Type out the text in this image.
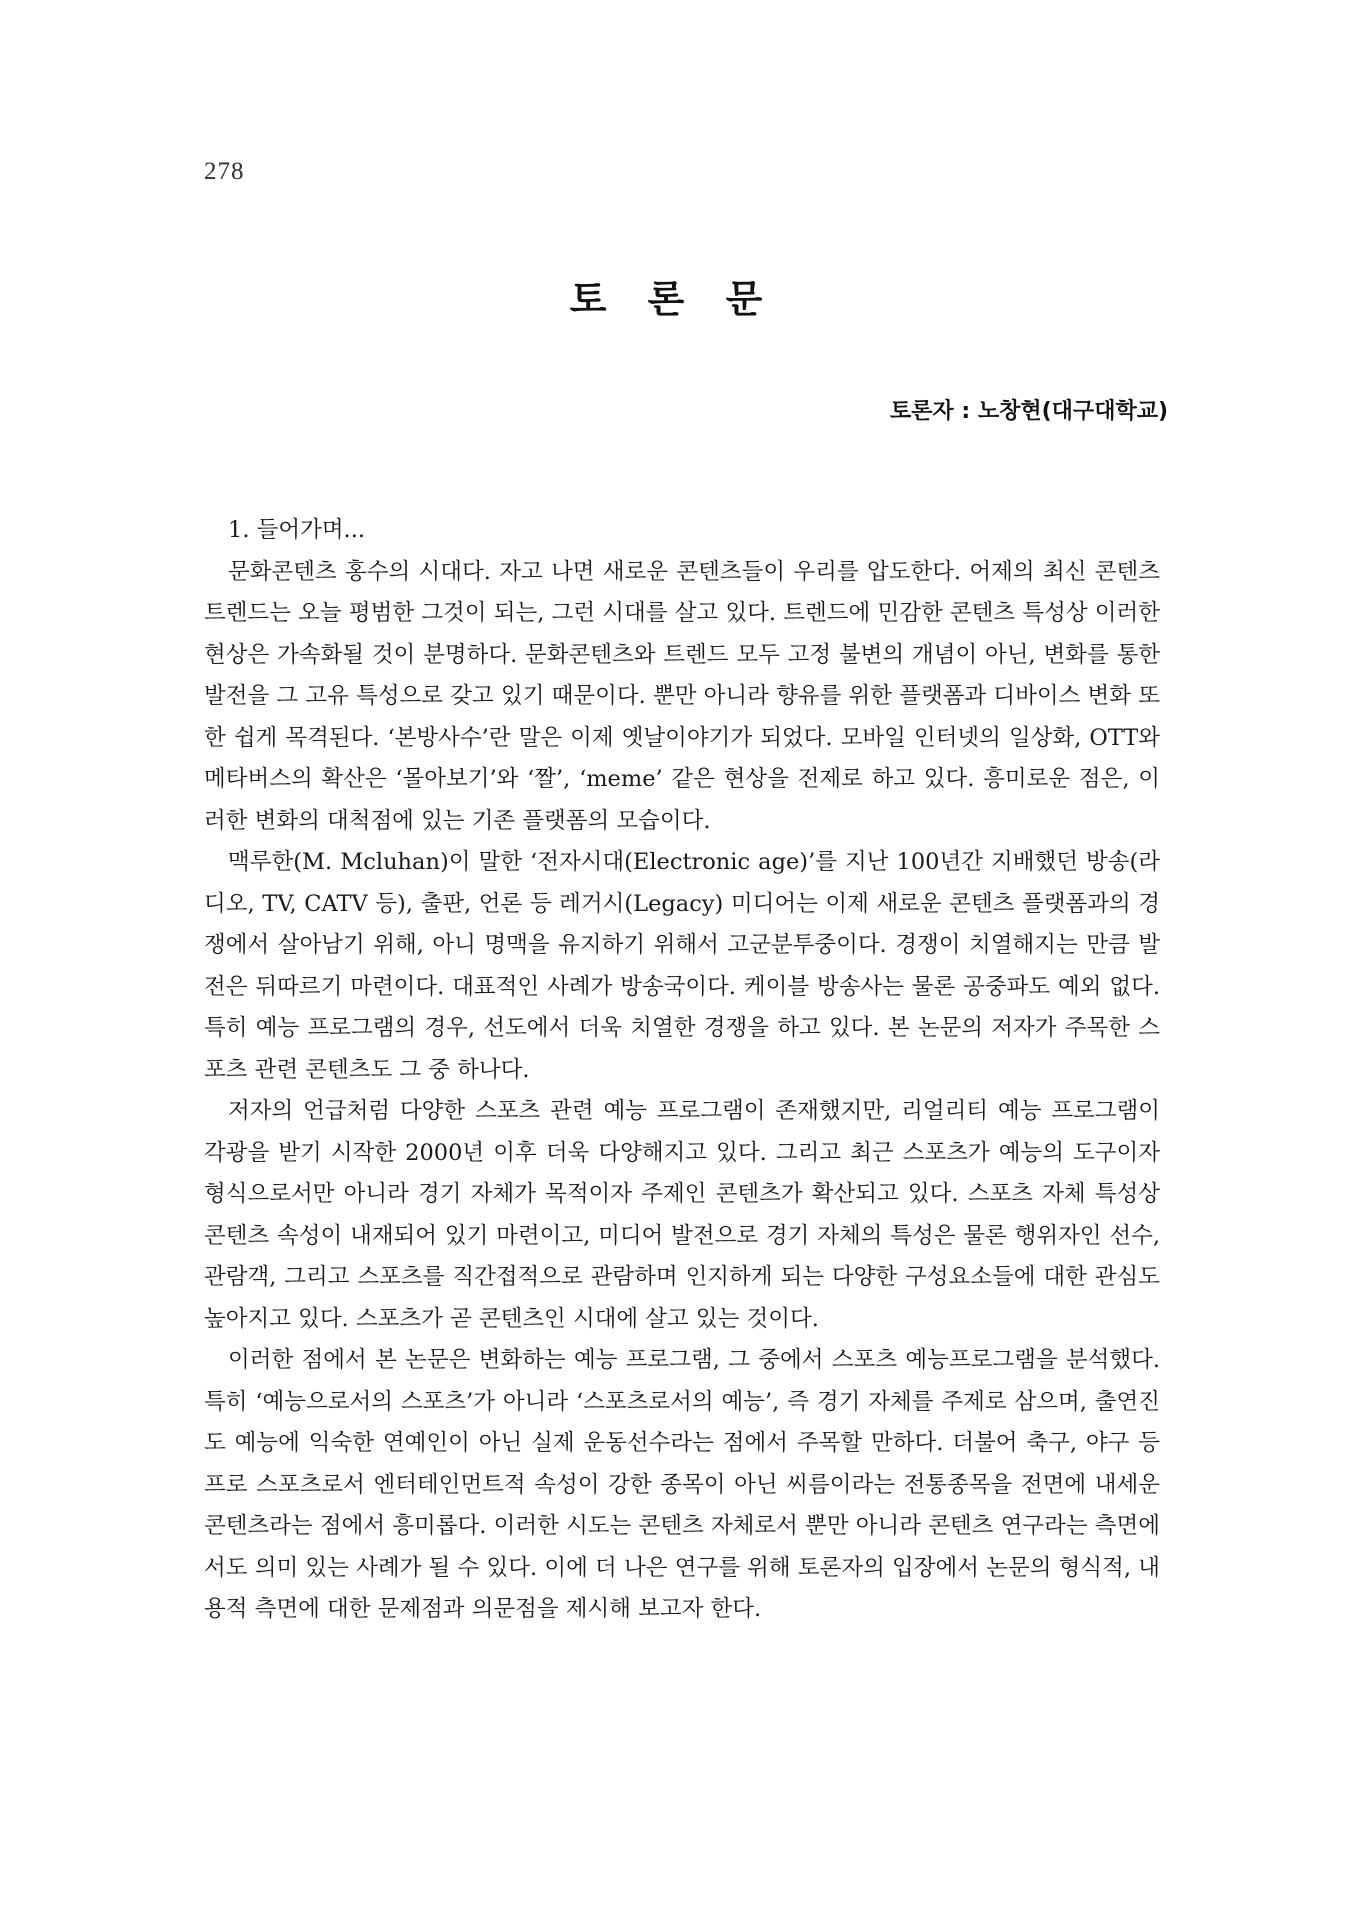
278
토 론 문
토론자 : 노창현(대구대학교)
1. 들어가며...

문화콘텐츠 홍수의 시대다. 자고 나면 새로운 콘텐츠들이 우리를 압도한다. 어제의 최신 콘텐츠 트렌드는 오늘 평범한 그것이 되는, 그런 시대를 살고 있다. 트렌드에 민감한 콘텐츠 특성상 이러한 현상은 가속화될 것이 분명하다. 문화콘텐츠와 트렌드 모두 고정 불변의 개념이 아닌, 변화를 통한 발전을 그 고유 특성으로 갖고 있기 때문이다. 뿐만 아니라 향유를 위한 플랫폼과 디바이스 변화 또한 쉽게 목격된다. ‘본방사수’란 말은 이제 옛날이야기가 되었다. 모바일 인터넷의 일상화, OTT와 메타버스의 확산은 ‘몰아보기’와 ‘짤’, ‘meme’ 같은 현상을 전제로 하고 있다. 흥미로운 점은, 이러한 변화의 대척점에 있는 기존 플랫폼의 모습이다.

맥루한(M. Mcluhan)이 말한 ‘전자시대(Electronic age)’를 지난 100년간 지배했던 방송(라디오, TV, CATV 등), 출판, 언론 등 레거시(Legacy) 미디어는 이제 새로운 콘텐츠 플랫폼과의 경쟁에서 살아남기 위해, 아니 명맥을 유지하기 위해서 고군분투중이다. 경쟁이 치열해지는 만큼 발전은 뒤따르기 마련이다. 대표적인 사례가 방송국이다. 케이블 방송사는 물론 공중파도 예외 없다. 특히 예능 프로그램의 경우, 선도에서 더욱 치열한 경쟁을 하고 있다. 본 논문의 저자가 주목한 스포츠 관련 콘텐츠도 그 중 하나다.

저자의 언급처럼 다양한 스포츠 관련 예능 프로그램이 존재했지만, 리얼리티 예능 프로그램이 각광을 받기 시작한 2000년 이후 더욱 다양해지고 있다. 그리고 최근 스포츠가 예능의 도구이자 형식으로서만 아니라 경기 자체가 목적이자 주제인 콘텐츠가 확산되고 있다. 스포츠 자체 특성상 콘텐츠 속성이 내재되어 있기 마련이고, 미디어 발전으로 경기 자체의 특성은 물론 행위자인 선수, 관람객, 그리고 스포츠를 직간접적으로 관람하며 인지하게 되는 다양한 구성요소들에 대한 관심도 높아지고 있다. 스포츠가 곧 콘텐츠인 시대에 살고 있는 것이다.

이러한 점에서 본 논문은 변화하는 예능 프로그램, 그 중에서 스포츠 예능프로그램을 분석했다. 특히 ‘예능으로서의 스포츠’가 아니라 ‘스포츠로서의 예능’, 즉 경기 자체를 주제로 삼으며, 출연진도 예능에 익숙한 연예인이 아닌 실제 운동선수라는 점에서 주목할 만하다. 더불어 축구, 야구 등 프로 스포츠로서 엔터테인먼트적 속성이 강한 종목이 아닌 씨름이라는 전통종목을 전면에 내세운 콘텐츠라는 점에서 흥미롭다. 이러한 시도는 콘텐츠 자체로서 뿐만 아니라 콘텐츠 연구라는 측면에서도 의미 있는 사례가 될 수 있다. 이에 더 나은 연구를 위해 토론자의 입장에서 논문의 형식적, 내용적 측면에 대한 문제점과 의문점을 제시해 보고자 한다.
